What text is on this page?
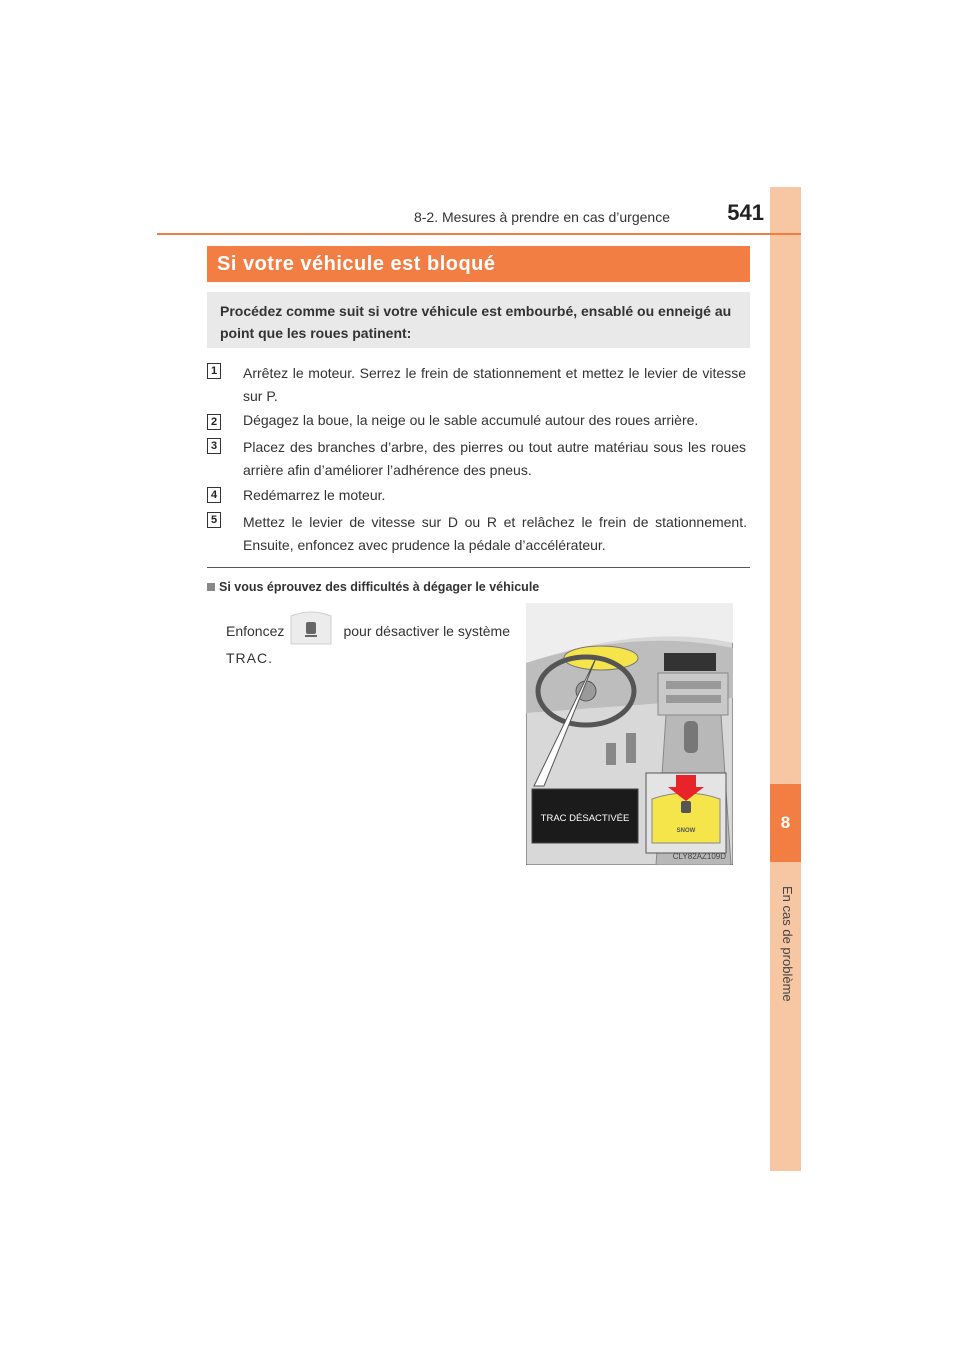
8
En cas de problème
8-2. Mesures à prendre en cas d’urgence	541
Si votre véhicule est bloqué
Procédez comme suit si votre véhicule est embourbé, ensablé ou enneigé au point que les roues patinent:
1 Arrêtez le moteur. Serrez le frein de stationnement et mettez le levier de vitesse sur P.
2 Dégagez la boue, la neige ou le sable accumulé autour des roues arrière.
3 Placez des branches d’arbre, des pierres ou tout autre matériau sous les roues arrière afin d’améliorer l’adhérence des pneus.
4 Redémarrez le moteur.
5 Mettez le levier de vitesse sur D ou R et relâchez le frein de stationnement. Ensuite, enfoncez avec prudence la pédale d’accélérateur.
Si vous éprouvez des difficultés à dégager le véhicule
Enfoncez	pour désactiver le système
TRAC.
TRAC DÉSACTIVÉE
SNOW
CLY82AZ109D
